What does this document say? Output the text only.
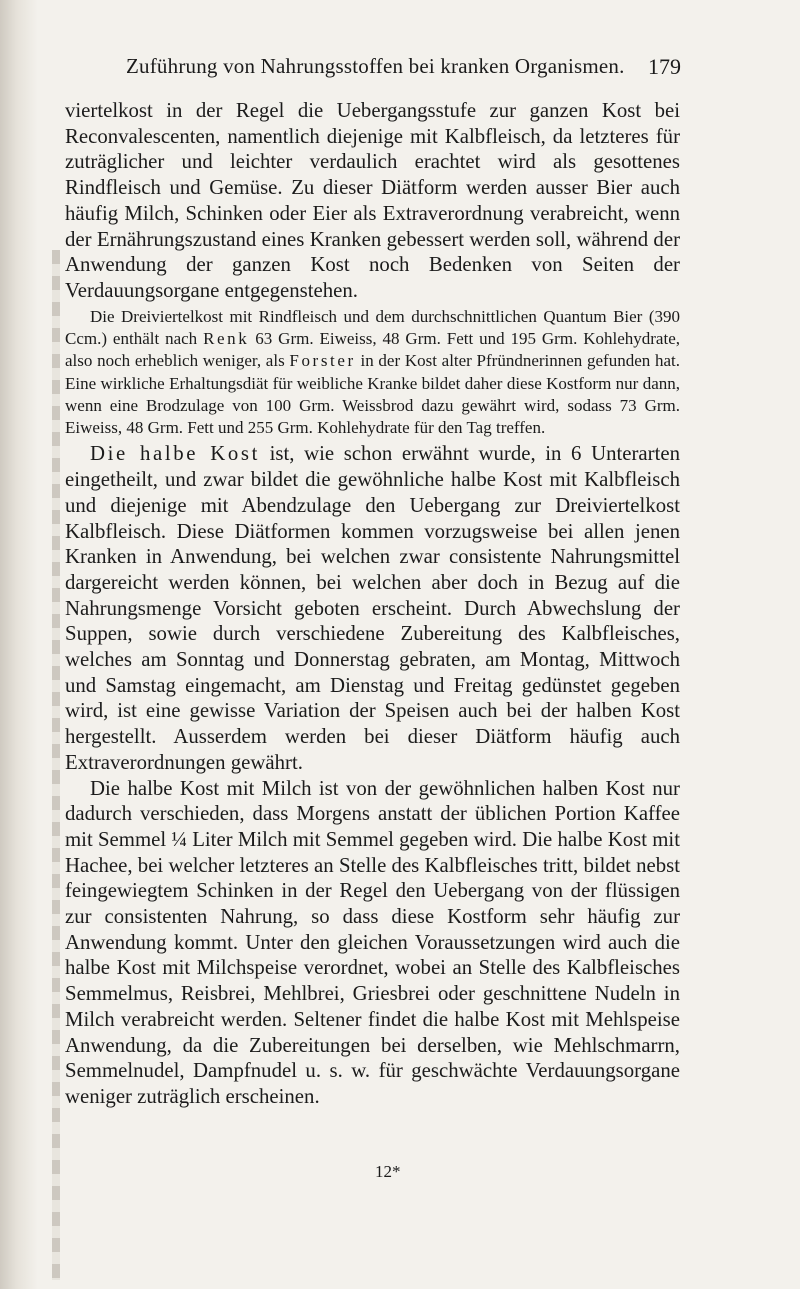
Zuführung von Nahrungsstoffen bei kranken Organismen. 179

viertelkost in der Regel die Uebergangsstufe zur ganzen Kost bei Reconvalescenten, namentlich diejenige mit Kalbfleisch, da letzteres für zuträglicher und leichter verdaulich erachtet wird als gesottenes Rindfleisch und Gemüse. Zu dieser Diätform werden ausser Bier auch häufig Milch, Schinken oder Eier als Extraverordnung verabreicht, wenn der Ernährungszustand eines Kranken gebessert werden soll, während der Anwendung der ganzen Kost noch Bedenken von Seiten der Verdauungsorgane entgegenstehen.

Die Dreiviertelkost mit Rindfleisch und dem durchschnittlichen Quantum Bier (390 Ccm.) enthält nach Renk 63 Grm. Eiweiss, 48 Grm. Fett und 195 Grm. Kohlehydrate, also noch erheblich weniger, als Forster in der Kost alter Pfründnerinnen gefunden hat. Eine wirkliche Erhaltungsdiät für weibliche Kranke bildet daher diese Kostform nur dann, wenn eine Brodzulage von 100 Grm. Weissbrod dazu gewährt wird, sodass 73 Grm. Eiweiss, 48 Grm. Fett und 255 Grm. Kohlehydrate für den Tag treffen.

Die halbe Kost ist, wie schon erwähnt wurde, in 6 Unterarten eingetheilt, und zwar bildet die gewöhnliche halbe Kost mit Kalbfleisch und diejenige mit Abendzulage den Uebergang zur Dreiviertelkost Kalbfleisch. Diese Diätformen kommen vorzugsweise bei allen jenen Kranken in Anwendung, bei welchen zwar consistente Nahrungsmittel dargereicht werden können, bei welchen aber doch in Bezug auf die Nahrungsmenge Vorsicht geboten erscheint. Durch Abwechslung der Suppen, sowie durch verschiedene Zubereitung des Kalbfleisches, welches am Sonntag und Donnerstag gebraten, am Montag, Mittwoch und Samstag eingemacht, am Dienstag und Freitag gedünstet gegeben wird, ist eine gewisse Variation der Speisen auch bei der halben Kost hergestellt. Ausserdem werden bei dieser Diätform häufig auch Extraverordnungen gewährt.

Die halbe Kost mit Milch ist von der gewöhnlichen halben Kost nur dadurch verschieden, dass Morgens anstatt der üblichen Portion Kaffee mit Semmel ¼ Liter Milch mit Semmel gegeben wird. Die halbe Kost mit Hachee, bei welcher letzteres an Stelle des Kalbfleisches tritt, bildet nebst feingewiegtem Schinken in der Regel den Uebergang von der flüssigen zur consistenten Nahrung, so dass diese Kostform sehr häufig zur Anwendung kommt. Unter den gleichen Voraussetzungen wird auch die halbe Kost mit Milchspeise verordnet, wobei an Stelle des Kalbfleisches Semmelmus, Reisbrei, Mehlbrei, Griesbrei oder geschnittene Nudeln in Milch verabreicht werden. Seltener findet die halbe Kost mit Mehlspeise Anwendung, da die Zubereitungen bei derselben, wie Mehlschmarrn, Semmelnudel, Dampfnudel u. s. w. für geschwächte Verdauungsorgane weniger zuträglich erscheinen.

12*
